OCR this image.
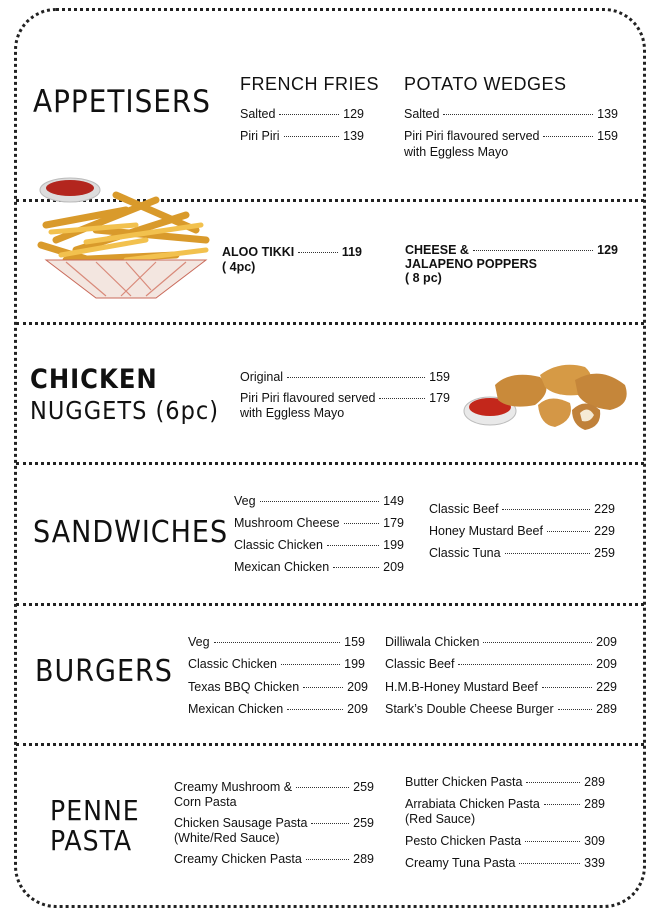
APPETISERS FRENCH FRIES
Salted	129
Piri Piri	139
POTATO WEDGES
Salted	139
Piri Piri flavoured served	159
with Eggless Mayo
ALOO TIKKI	119
( 4pc)
CHEESE &	129
JALAPENO POPPERS
( 8 pc)
CHICKEN
NUGGETS (6pc)
Original	159
Piri Piri flavoured served	179
with Eggless Mayo
SANDWICHES
Veg	149
Mushroom Cheese	179
Classic Chicken	199
Mexican Chicken	209
Classic Beef	229
Honey Mustard Beef	229
Classic Tuna	259
BURGERS
Veg	159
Classic Chicken	199
Texas BBQ Chicken	209
Mexican Chicken	209
Dilliwala Chicken	209
Classic Beef	209
H.M.B-Honey Mustard Beef	229
Stark’s Double Cheese Burger	289
PENNE
PASTA
Creamy Mushroom &	259
Corn Pasta
Chicken Sausage Pasta	259
(White/Red Sauce)
Creamy Chicken Pasta	289
Butter Chicken Pasta	289
Arrabiata Chicken Pasta	289
(Red Sauce)
Pesto Chicken Pasta	309
Creamy Tuna Pasta	339
